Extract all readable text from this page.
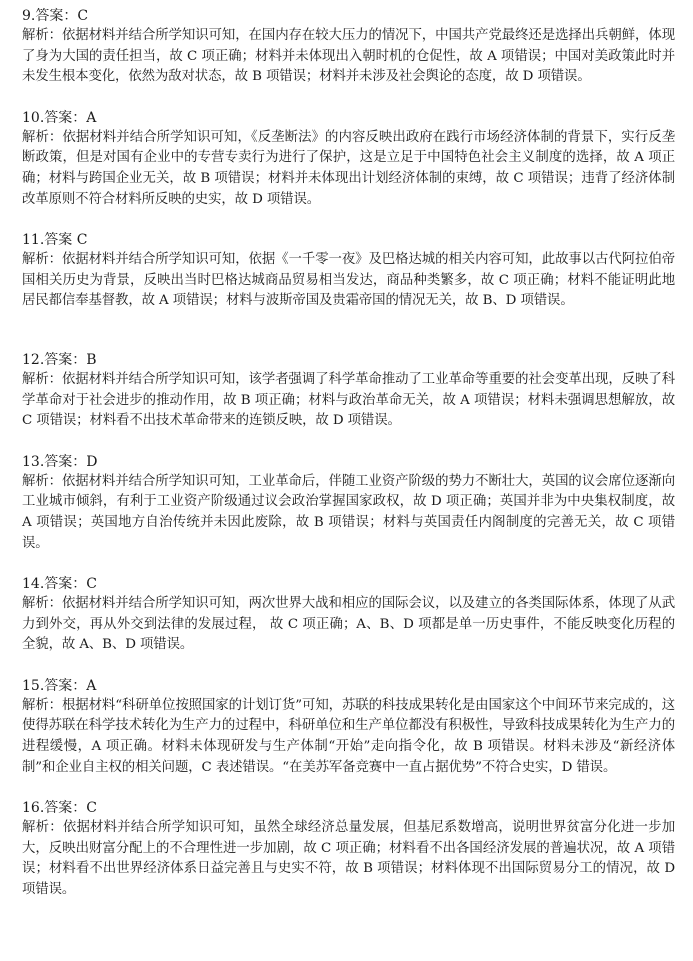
9.答案：C

解析：依据材料并结合所学知识可知，在国内存在较大压力的情况下，中国共产党最终还是选择出兵朝鲜，体现了身为大国的责任担当，故 C 项正确；材料并未体现出入朝时机的仓促性，故 A 项错误；中国对美政策此时并未发生根本变化，依然为敌对状态，故 B 项错误；材料并未涉及社会舆论的态度，故 D 项错误。

10.答案：A

解析：依据材料并结合所学知识可知，《反垄断法》的内容反映出政府在践行市场经济体制的背景下，实行反垄断政策，但是对国有企业中的专营专卖行为进行了保护，这是立足于中国特色社会主义制度的选择，故 A 项正确；材料与跨国企业无关，故 B 项错误；材料并未体现出计划经济体制的束缚，故 C 项错误；违背了经济体制改革原则不符合材料所反映的史实，故 D 项错误。

11.答案 C

解析：依据材料并结合所学知识可知，依据《一千零一夜》及巴格达城的相关内容可知，此故事以古代阿拉伯帝国相关历史为背景，反映出当时巴格达城商品贸易相当发达，商品种类繁多，故 C 项正确；材料不能证明此地居民都信奉基督教，故 A 项错误；材料与波斯帝国及贵霜帝国的情况无关，故 B、D 项错误。

12.答案：B

解析：依据材料并结合所学知识可知，该学者强调了科学革命推动了工业革命等重要的社会变革出现，反映了科学革命对于社会进步的推动作用，故 B 项正确；材料与政治革命无关，故 A 项错误；材料未强调思想解放，故 C 项错误；材料看不出技术革命带来的连锁反映，故 D 项错误。

13.答案：D

解析：依据材料并结合所学知识可知，工业革命后，伴随工业资产阶级的势力不断壮大，英国的议会席位逐渐向工业城市倾斜，有利于工业资产阶级通过议会政治掌握国家政权，故 D 项正确；英国并非为中央集权制度，故 A 项错误；英国地方自治传统并未因此废除，故 B 项错误；材料与英国责任内阁制度的完善无关，故 C 项错误。

14.答案：C

解析：依据材料并结合所学知识可知，两次世界大战和相应的国际会议，以及建立的各类国际体系，体现了从武力到外交，再从外交到法律的发展过程， 故 C 项正确；A、B、D 项都是单一历史事件，不能反映变化历程的全貌，故 A、B、D 项错误。

15.答案：A

解析：根据材料“科研单位按照国家的计划订货”可知，苏联的科技成果转化是由国家这个中间环节来完成的，这使得苏联在科学技术转化为生产力的过程中，科研单位和生产单位都没有积极性，导致科技成果转化为生产力的进程缓慢，A 项正确。材料未体现研发与生产体制“开始”走向指令化，故 B 项错误。材料未涉及“新经济体制”和企业自主权的相关问题，C 表述错误。“在美苏军备竞赛中一直占据优势”不符合史实，D 错误。

16.答案：C

解析：依据材料并结合所学知识可知，虽然全球经济总量发展，但基尼系数增高，说明世界贫富分化进一步加大，反映出财富分配上的不合理性进一步加剧，故 C 项正确；材料看不出各国经济发展的普遍状况，故 A 项错误；材料看不出世界经济体系日益完善且与史实不符，故 B 项错误；材料体现不出国际贸易分工的情况，故 D 项错误。
